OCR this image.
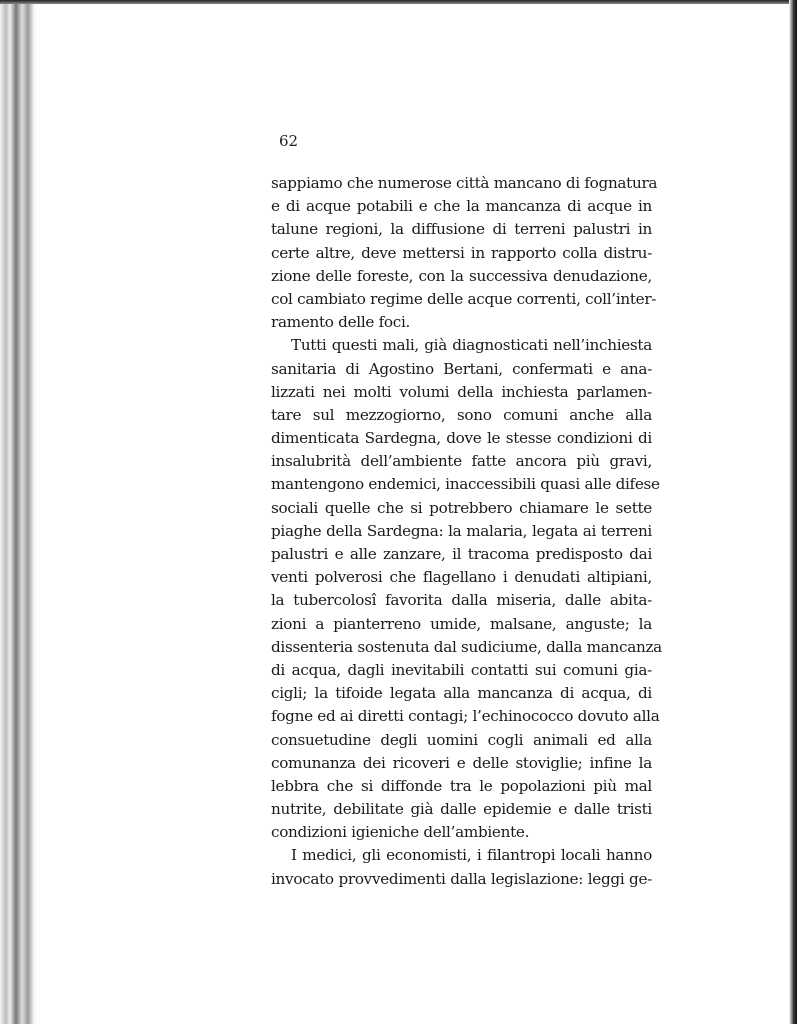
62
sappiamo che numerose città mancano di fognatura
e di acque potabili e che la mancanza di acque in
talune regioni, la diffusione di terreni palustri in
certe altre, deve mettersi in rapporto colla distru-
zione delle foreste, con la successiva denudazione,
col cambiato regime delle acque correnti, coll’inter-
ramento delle foci.
Tutti questi mali, già diagnosticati nell’inchiesta
sanitaria di Agostino Bertani, confermati e ana-
lizzati nei molti volumi della inchiesta parlamen-
tare sul mezzogiorno, sono comuni anche alla
dimenticata Sardegna, dove le stesse condizioni di
insalubrità dell’ambiente fatte ancora più gravi,
mantengono endemici, inaccessibili quasi alle difese
sociali quelle che si potrebbero chiamare le sette
piaghe della Sardegna: la malaria, legata ai terreni
palustri e alle zanzare, il tracoma predisposto dai
venti polverosi che flagellano i denudati altipiani,
la tubercolosî favorita dalla miseria, dalle abita-
zioni a pianterreno umide, malsane, anguste; la
dissenteria sostenuta dal sudiciume, dalla mancanza
di acqua, dagli inevitabili contatti sui comuni gia-
cigli; la tifoide legata alla mancanza di acqua, di
fogne ed ai diretti contagi; l’echinococco dovuto alla
consuetudine degli uomini cogli animali ed alla
comunanza dei ricoveri e delle stoviglie; infine la
lebbra che si diffonde tra le popolazioni più mal
nutrite, debilitate già dalle epidemie e dalle tristi
condizioni igieniche dell’ambiente.
I medici, gli economisti, i filantropi locali hanno
invocato provvedimenti dalla legislazione: leggi ge-
